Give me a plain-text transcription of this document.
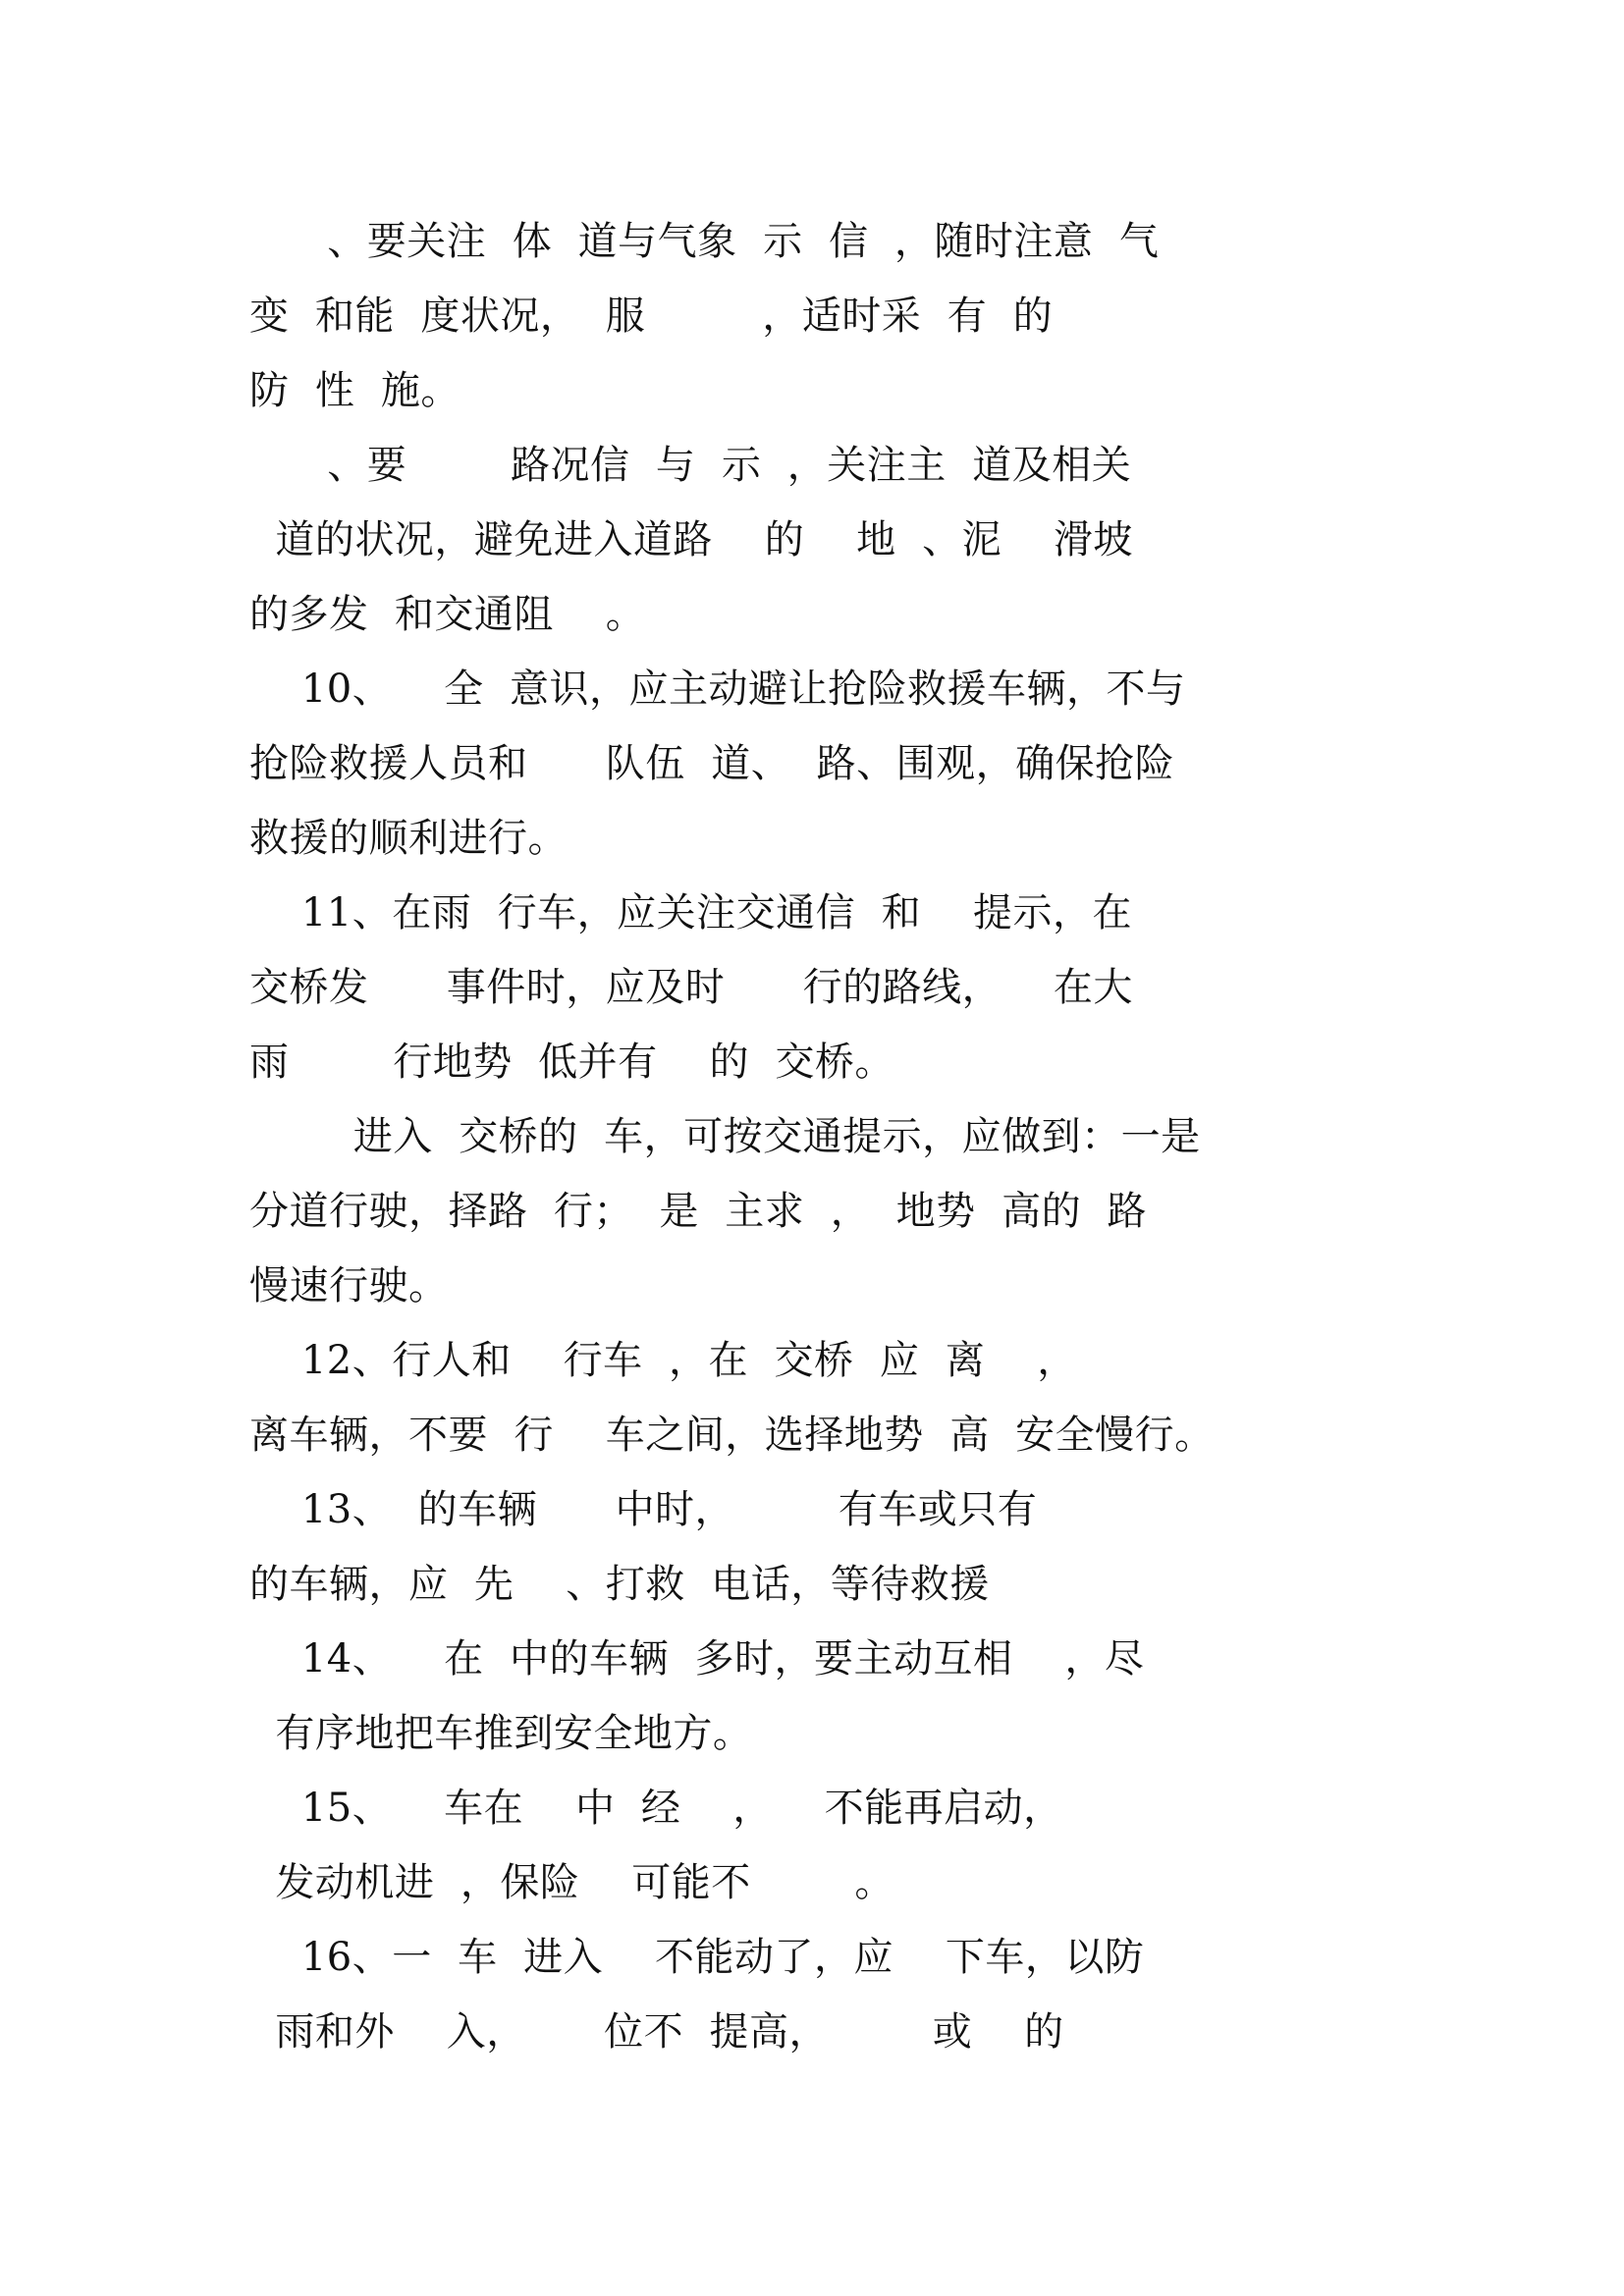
、要关注  体  道与气象  示  信  ，随时注意  气
变  和能  度状况，  服         ，适时采  有  的
防  性  施。
、要        路况信  与  示  ，关注主  道及相关
道的状况，避免进入道路    的    地  、泥    滑坡
的多发  和交通阻    。
10、    全  意识，应主动避让抢险救援车辆，不与
抢险救援人员和      队伍  道、  路、围观，确保抢险
救援的顺利进行。
11、在雨  行车，应关注交通信  和    提示，在
交桥发      事件时，应及时      行的路线，    在大
雨        行地势  低并有    的  交桥。
进入  交桥的  车，可按交通提示，应做到：一是
分道行驶，择路  行；  是  主求  ，  地势  高的  路
慢速行驶。
12、行人和    行车  ，在  交桥  应  离    ，
离车辆，不要  行    车之间，选择地势  高  安全慢行。
13、  的车辆      中时，        有车或只有
的车辆，应  先    、打救  电话，等待救援
14、    在  中的车辆  多时，要主动互相    ，尽
有序地把车推到安全地方。
15、    车在    中  经    ，    不能再启动，
发动机进  ，保险    可能不        。
16、一  车  进入    不能动了，应    下车，以防
雨和外    入，      位不  提高，        或    的
